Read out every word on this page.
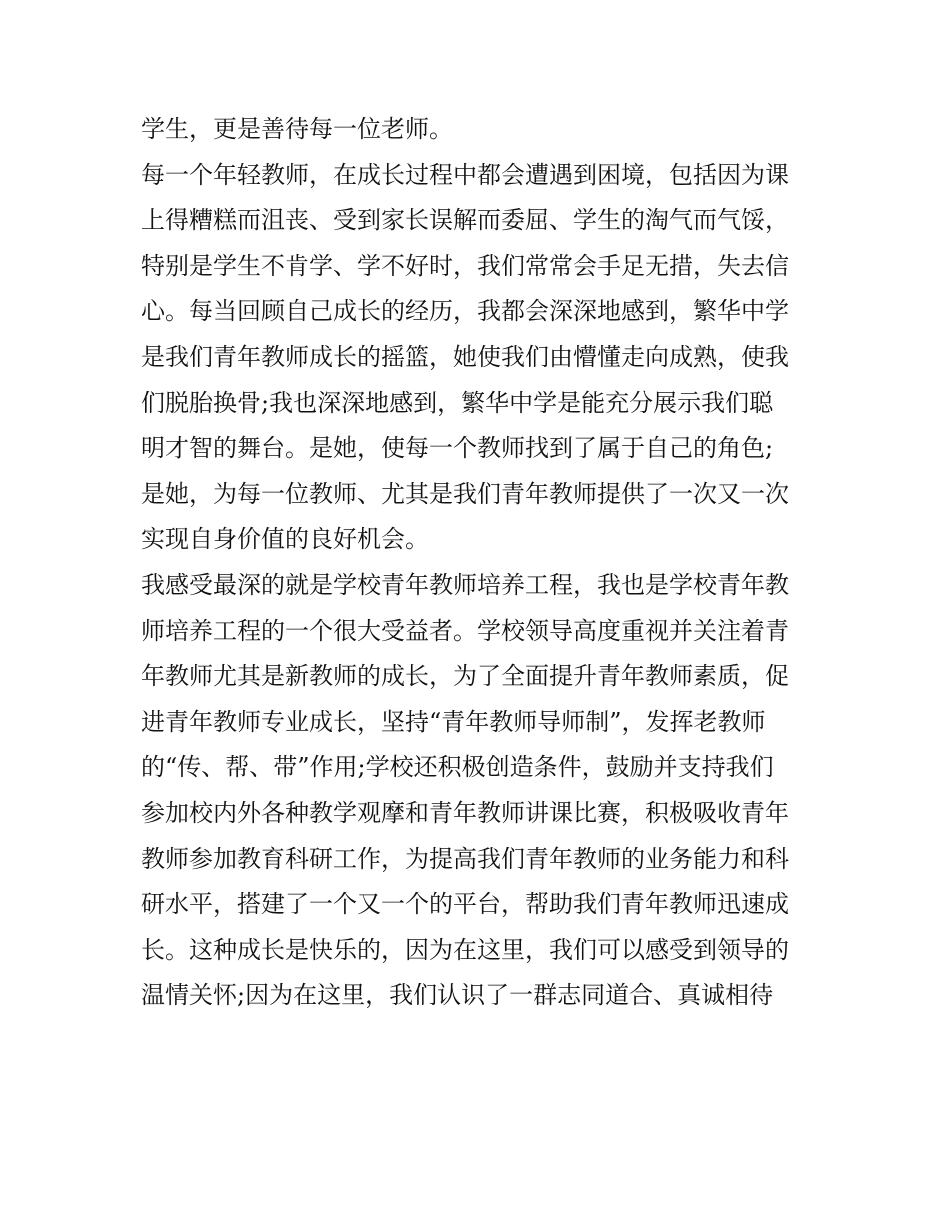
学生，更是善待每一位老师。
每一个年轻教师，在成长过程中都会遭遇到困境，包括因为课
上得糟糕而沮丧、受到家长误解而委屈、学生的淘气而气馁，
特别是学生不肯学、学不好时，我们常常会手足无措，失去信
心。每当回顾自己成长的经历，我都会深深地感到，繁华中学
是我们青年教师成长的摇篮，她使我们由懵懂走向成熟，使我
们脱胎换骨;我也深深地感到，繁华中学是能充分展示我们聪
明才智的舞台。是她，使每一个教师找到了属于自己的角色;
是她，为每一位教师、尤其是我们青年教师提供了一次又一次
实现自身价值的良好机会。
我感受最深的就是学校青年教师培养工程，我也是学校青年教
师培养工程的一个很大受益者。学校领导高度重视并关注着青
年教师尤其是新教师的成长，为了全面提升青年教师素质，促
进青年教师专业成长，坚持“青年教师导师制”，发挥老教师
的“传、帮、带”作用;学校还积极创造条件，鼓励并支持我们
参加校内外各种教学观摩和青年教师讲课比赛，积极吸收青年
教师参加教育科研工作，为提高我们青年教师的业务能力和科
研水平，搭建了一个又一个的平台，帮助我们青年教师迅速成
长。这种成长是快乐的，因为在这里，我们可以感受到领导的
温情关怀;因为在这里，我们认识了一群志同道合、真诚相待
